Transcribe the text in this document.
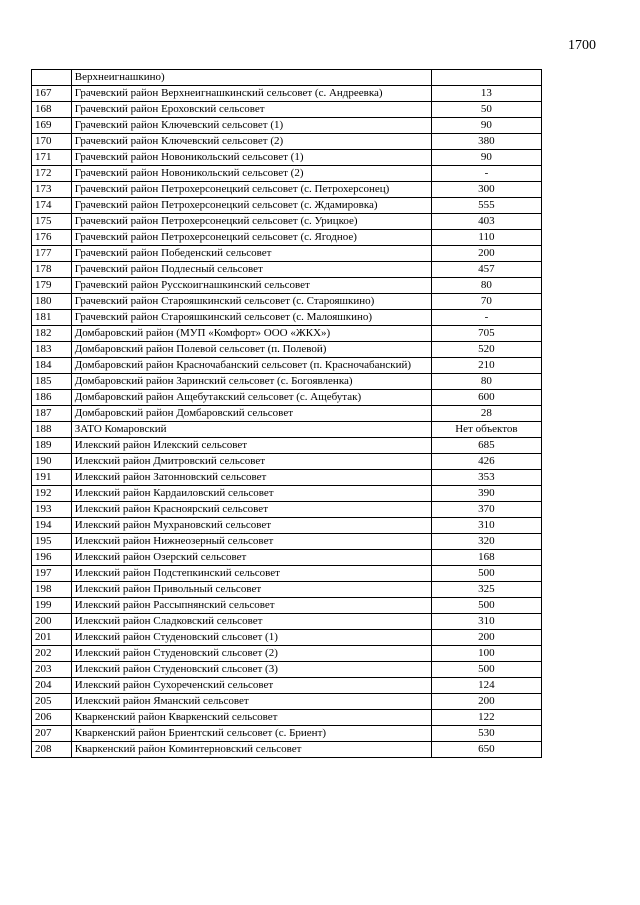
1700
	Верхнеигнашкино)	
167	Грачевский район Верхнеигнашкинский сельсовет (с. Андреевка)	13
168	Грачевский район Ероховский сельсовет	50
169	Грачевский район Ключевский сельсовет (1)	90
170	Грачевский район Ключевский сельсовет (2)	380
171	Грачевский район Новоникольский сельсовет (1)	90
172	Грачевский район Новоникольский сельсовет (2)	-
173	Грачевский район Петрохерсонецкий сельсовет (с. Петрохерсонец)	300
174	Грачевский район Петрохерсонецкий сельсовет (с. Ждамировка)	555
175	Грачевский район Петрохерсонецкий сельсовет (с. Урицкое)	403
176	Грачевский район Петрохерсонецкий сельсовет (с. Ягодное)	110
177	Грачевский район Победенский сельсовет	200
178	Грачевский район Подлесный сельсовет	457
179	Грачевский район Русскоигнашкинский сельсовет	80
180	Грачевский район Старояшкинский сельсовет (с. Старояшкино)	70
181	Грачевский район Старояшкинский сельсовет (с. Малояшкино)	-
182	Домбаровский район (МУП «Комфорт» ООО «ЖКХ»)	705
183	Домбаровский район Полевой сельсовет (п. Полевой)	520
184	Домбаровский район Красночабанский сельсовет (п. Красночабанский)	210
185	Домбаровский район Заринский сельсовет (с. Богоявленка)	80
186	Домбаровский район Ащебутакский сельсовет (с. Ащебутак)	600
187	Домбаровский район Домбаровский сельсовет	28
188	ЗАТО Комаровский	Нет объектов
189	Илекский район Илекский сельсовет	685
190	Илекский район Дмитровский сельсовет	426
191	Илекский район Затонновский сельсовет	353
192	Илекский район Кардаиловский сельсовет	390
193	Илекский район Красноярский сельсовет	370
194	Илекский район Мухрановский сельсовет	310
195	Илекский район Нижнеозерный сельсовет	320
196	Илекский район Озерский сельсовет	168
197	Илекский район Подстепкинский сельсовет	500
198	Илекский район Привольный сельсовет	325
199	Илекский район Рассыпнянский сельсовет	500
200	Илекский район Сладковский сельсовет	310
201	Илекский район Студеновский сльсовет (1)	200
202	Илекский район Студеновский сльсовет (2)	100
203	Илекский район Студеновский сльсовет (3)	500
204	Илекский район Сухореченский сельсовет	124
205	Илекский район Яманский сельсовет	200
206	Кваркенский район Кваркенский сельсовет	122
207	Кваркенский район Бриентский сельсовет (с. Бриент)	530
208	Кваркенский район Коминтерновский сельсовет	650
